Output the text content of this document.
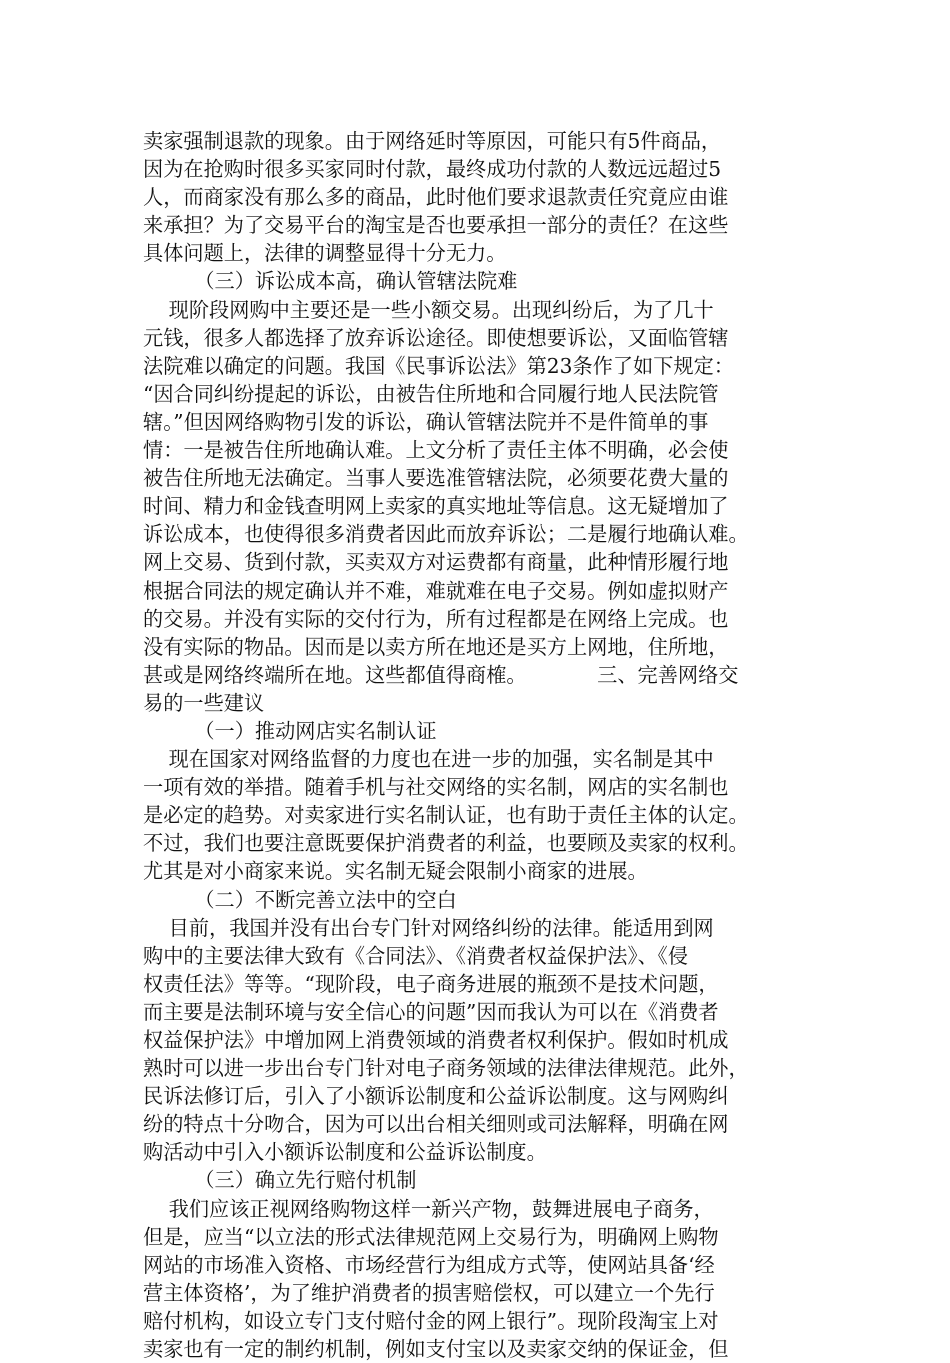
卖家强制退款的现象。由于网络延时等原因，可能只有5件商品，
因为在抢购时很多买家同时付款，最终成功付款的人数远远超过5
人，而商家没有那么多的商品，此时他们要求退款责任究竟应由谁
来承担？为了交易平台的淘宝是否也要承担一部分的责任？在这些
具体问题上，法律的调整显得十分无力。
（三）诉讼成本高，确认管辖法院难
现阶段网购中主要还是一些小额交易。出现纠纷后，为了几十
元钱，很多人都选择了放弃诉讼途径。即使想要诉讼，又面临管辖
法院难以确定的问题。我国《民事诉讼法》第23条作了如下规定：
“因合同纠纷提起的诉讼，由被告住所地和合同履行地人民法院管
辖。”但因网络购物引发的诉讼，确认管辖法院并不是件简单的事
情：一是被告住所地确认难。上文分析了责任主体不明确，必会使
被告住所地无法确定。当事人要选准管辖法院，必须要花费大量的
时间、精力和金钱查明网上卖家的真实地址等信息。这无疑增加了
诉讼成本，也使得很多消费者因此而放弃诉讼；二是履行地确认难。
网上交易、货到付款，买卖双方对运费都有商量，此种情形履行地
根据合同法的规定确认并不难，难就难在电子交易。例如虚拟财产
的交易。并没有实际的交付行为，所有过程都是在网络上完成。也
没有实际的物品。因而是以卖方所在地还是买方上网地，住所地，
甚或是网络终端所在地。这些都值得商榷。           三、完善网络交
易的一些建议
（一）推动网店实名制认证
现在国家对网络监督的力度也在进一步的加强，实名制是其中
一项有效的举措。随着手机与社交网络的实名制，网店的实名制也
是必定的趋势。对卖家进行实名制认证，也有助于责任主体的认定。
不过，我们也要注意既要保护消费者的利益，也要顾及卖家的权利。
尤其是对小商家来说。实名制无疑会限制小商家的进展。
（二）不断完善立法中的空白
目前，我国并没有出台专门针对网络纠纷的法律。能适用到网
购中的主要法律大致有《合同法》、《消费者权益保护法》、《侵
权责任法》等等。“现阶段，电子商务进展的瓶颈不是技术问题，
而主要是法制环境与安全信心的问题”因而我认为可以在《消费者
权益保护法》中增加网上消费领域的消费者权利保护。假如时机成
熟时可以进一步出台专门针对电子商务领域的法律法律规范。此外，
民诉法修订后，引入了小额诉讼制度和公益诉讼制度。这与网购纠
纷的特点十分吻合，因为可以出台相关细则或司法解释，明确在网
购活动中引入小额诉讼制度和公益诉讼制度。
（三）确立先行赔付机制
我们应该正视网络购物这样一新兴产物，鼓舞进展电子商务，
但是，应当“以立法的形式法律规范网上交易行为，明确网上购物
网站的市场准入资格、市场经营行为组成方式等，使网站具备‘经
营主体资格’，为了维护消费者的损害赔偿权，可以建立一个先行
赔付机构，如设立专门支付赔付金的网上银行”。现阶段淘宝上对
卖家也有一定的制约机制，例如支付宝以及卖家交纳的保证金，但
